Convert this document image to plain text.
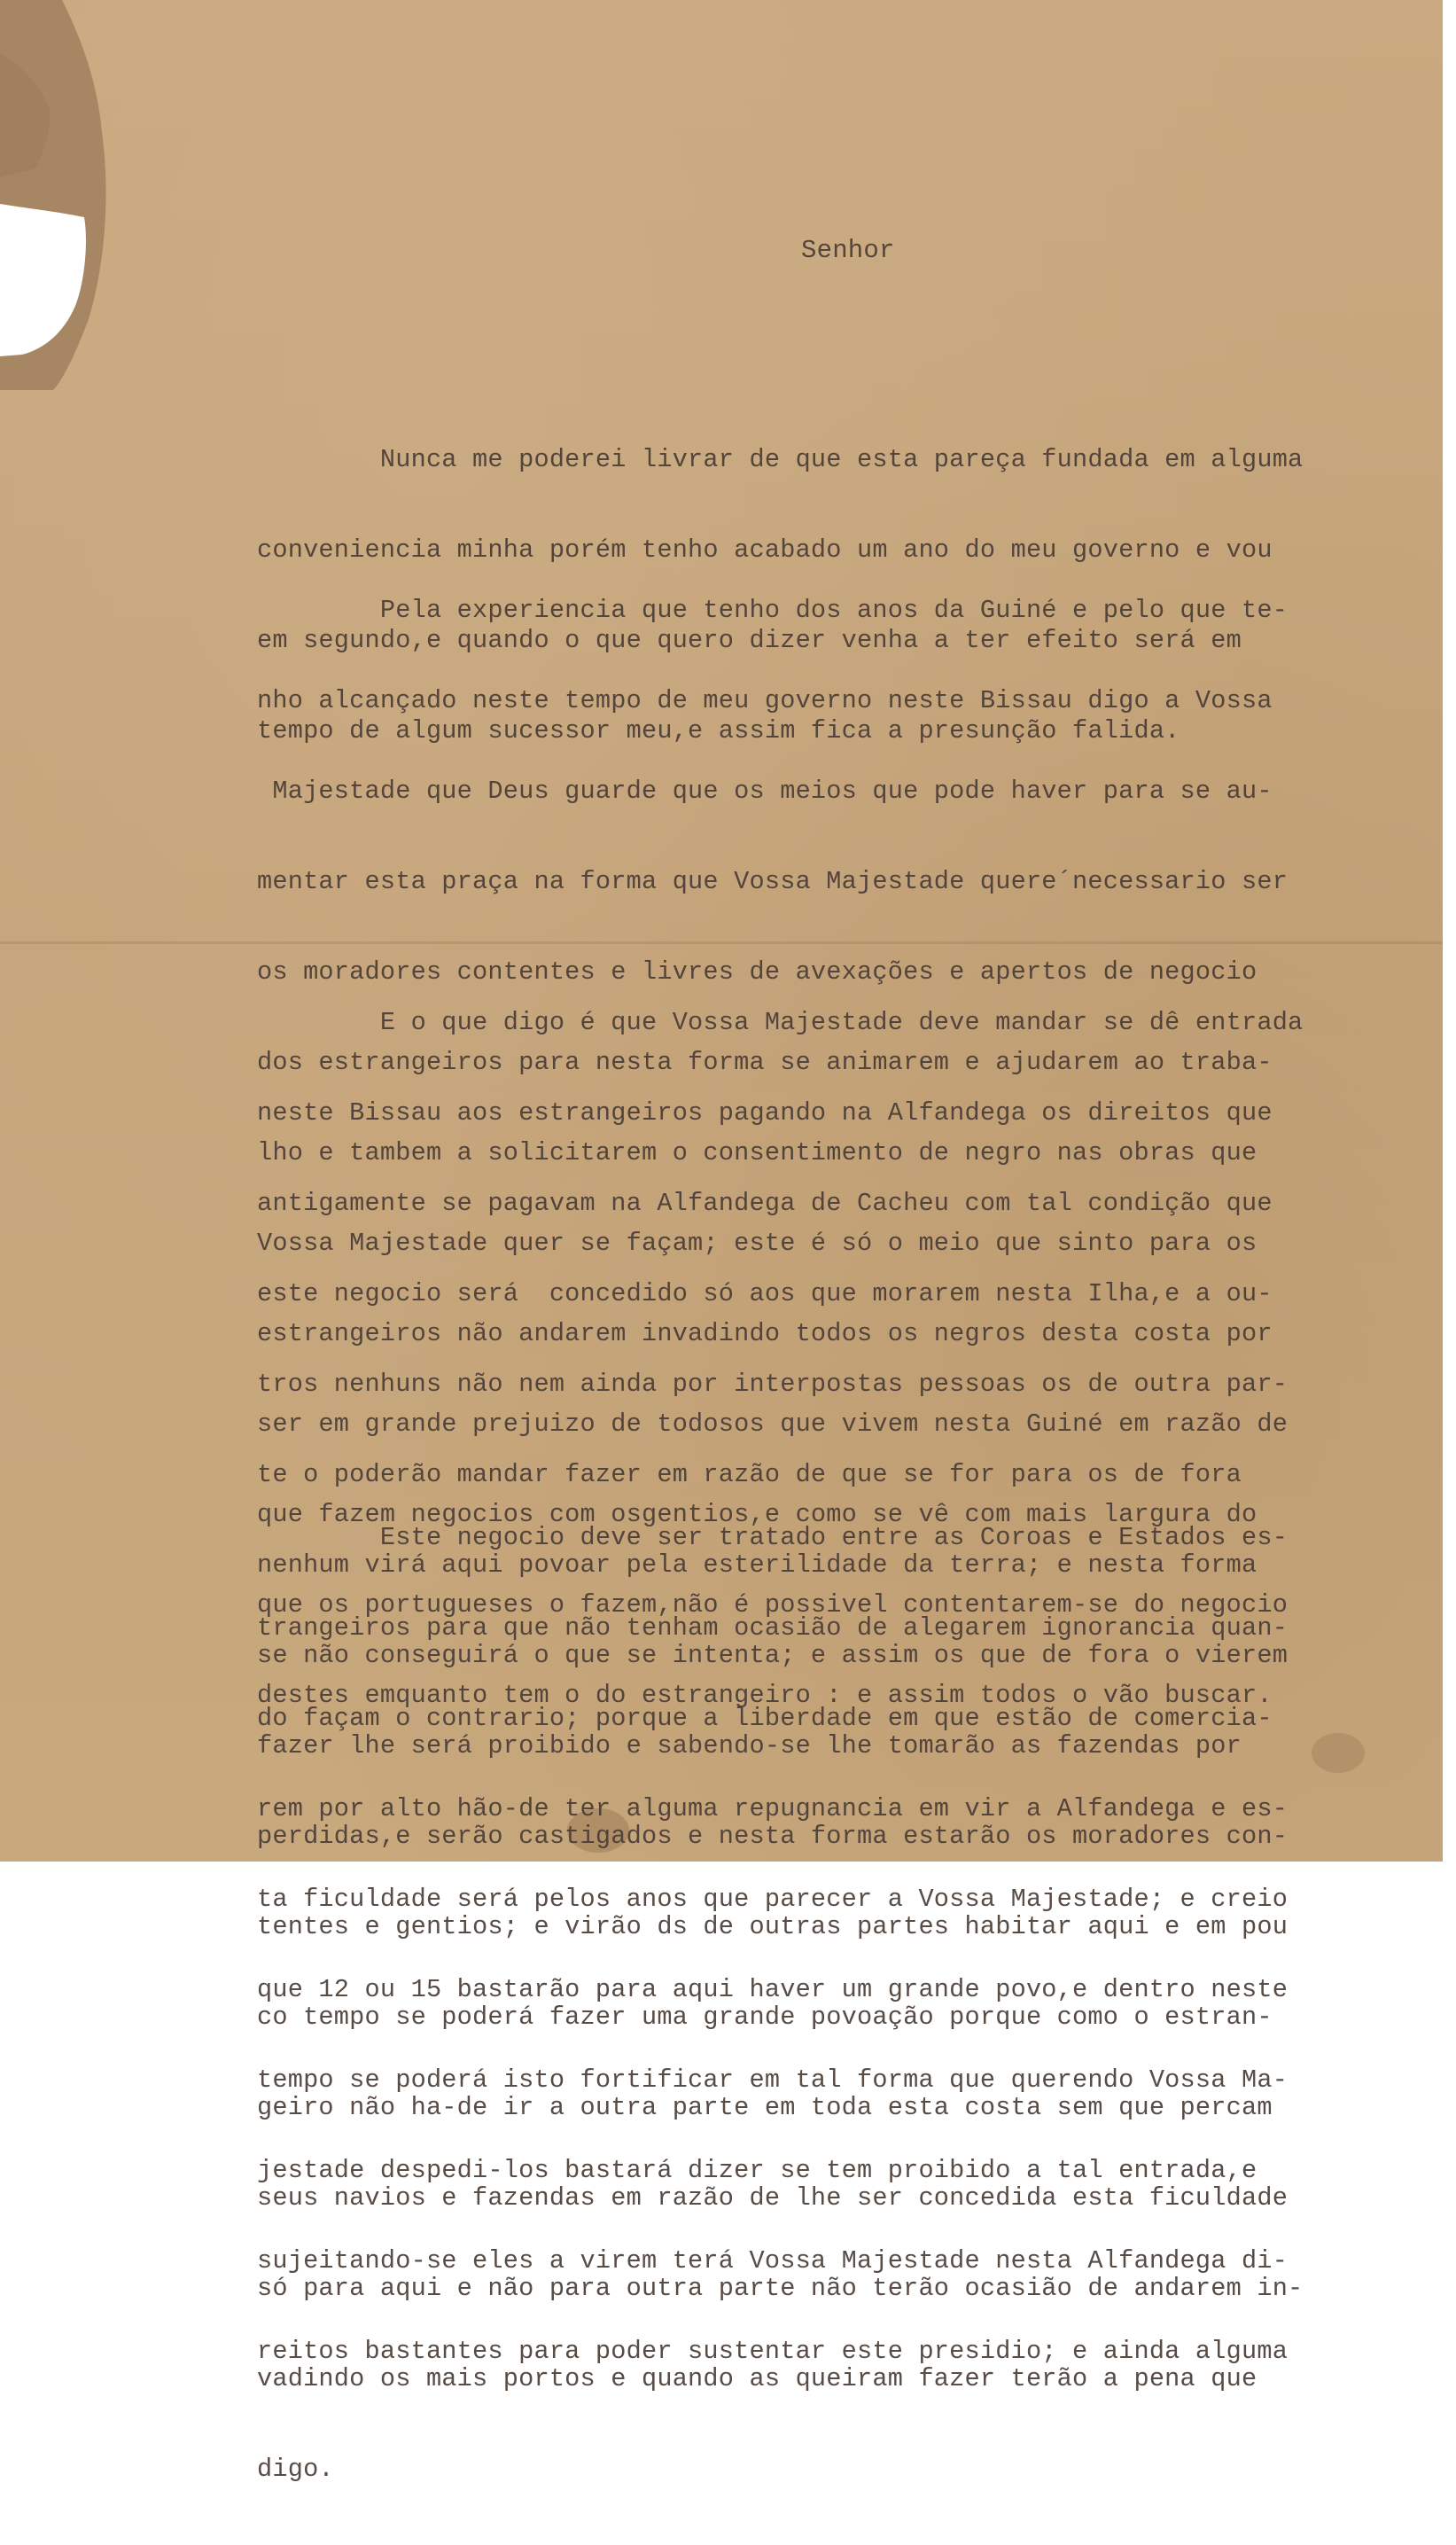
Senhor

Nunca me poderei livrar de que esta pareça fundada em alguma

conveniencia minha porém tenho acabado um ano do meu governo e vou

em segundo,e quando o que quero dizer venha a ter efeito será em

tempo de algum sucessor meu,e assim fica a presunção falida.

Pela experiencia que tenho dos anos da Guiné e pelo que te-

nho alcançado neste tempo de meu governo neste Bissau digo a Vossa

Majestade que Deus guarde que os meios que pode haver para se au-

mentar esta praça na forma que Vossa Majestade quere´necessario ser

os moradores contentes e livres de avexações e apertos de negocio

dos estrangeiros para nesta forma se animarem e ajudarem ao traba-

lho e tambem a solicitarem o consentimento de negro nas obras que

Vossa Majestade quer se façam; este é só o meio que sinto para os

estrangeiros não andarem invadindo todos os negros desta costa por

ser em grande prejuizo de todosos que vivem nesta Guiné em razão de

que fazem negocios com osgentios,e como se vê com mais largura do

que os portugueses o fazem,não é possivel contentarem-se do negocio

destes emquanto tem o do estrangeiro : e assim todos o vão buscar.

E o que digo é que Vossa Majestade deve mandar se dê entrada

neste Bissau aos estrangeiros pagando na Alfandega os direitos que

antigamente se pagavam na Alfandega de Cacheu com tal condição que

este negocio será  concedido só aos que morarem nesta Ilha,e a ou-

tros nenhuns não nem ainda por interpostas pessoas os de outra par-

te o poderão mandar fazer em razão de que se for para os de fora

nenhum virá aqui povoar pela esterilidade da terra; e nesta forma

se não conseguirá o que se intenta; e assim os que de fora o vierem

fazer lhe será proibido e sabendo-se lhe tomarão as fazendas por

perdidas,e serão castigados e nesta forma estarão os moradores con-

tentes e gentios; e virão ds de outras partes habitar aqui e em pou

co tempo se poderá fazer uma grande povoação porque como o estran-

geiro não ha-de ir a outra parte em toda esta costa sem que percam

seus navios e fazendas em razão de lhe ser concedida esta ficuldade

só para aqui e não para outra parte não terão ocasião de andarem in-

vadindo os mais portos e quando as queiram fazer terão a pena que

digo.

Este negocio deve ser tratado entre as Coroas e Estados es-

trangeiros para que não tenham ocasião de alegarem ignorancia quan-

do façam o contrario; porque a liberdade em que estão de comercia-

rem por alto hão-de ter alguma repugnancia em vir a Alfandega e es-

ta ficuldade será pelos anos que parecer a Vossa Majestade; e creio

que 12 ou 15 bastarão para aqui haver um grande povo,e dentro neste

tempo se poderá isto fortificar em tal forma que querendo Vossa Ma-

jestade despedi-los bastará dizer se tem proibido a tal entrada,e

sujeitando-se eles a virem terá Vossa Majestade nesta Alfandega di-

reitos bastantes para poder sustentar este presidio; e ainda alguma
